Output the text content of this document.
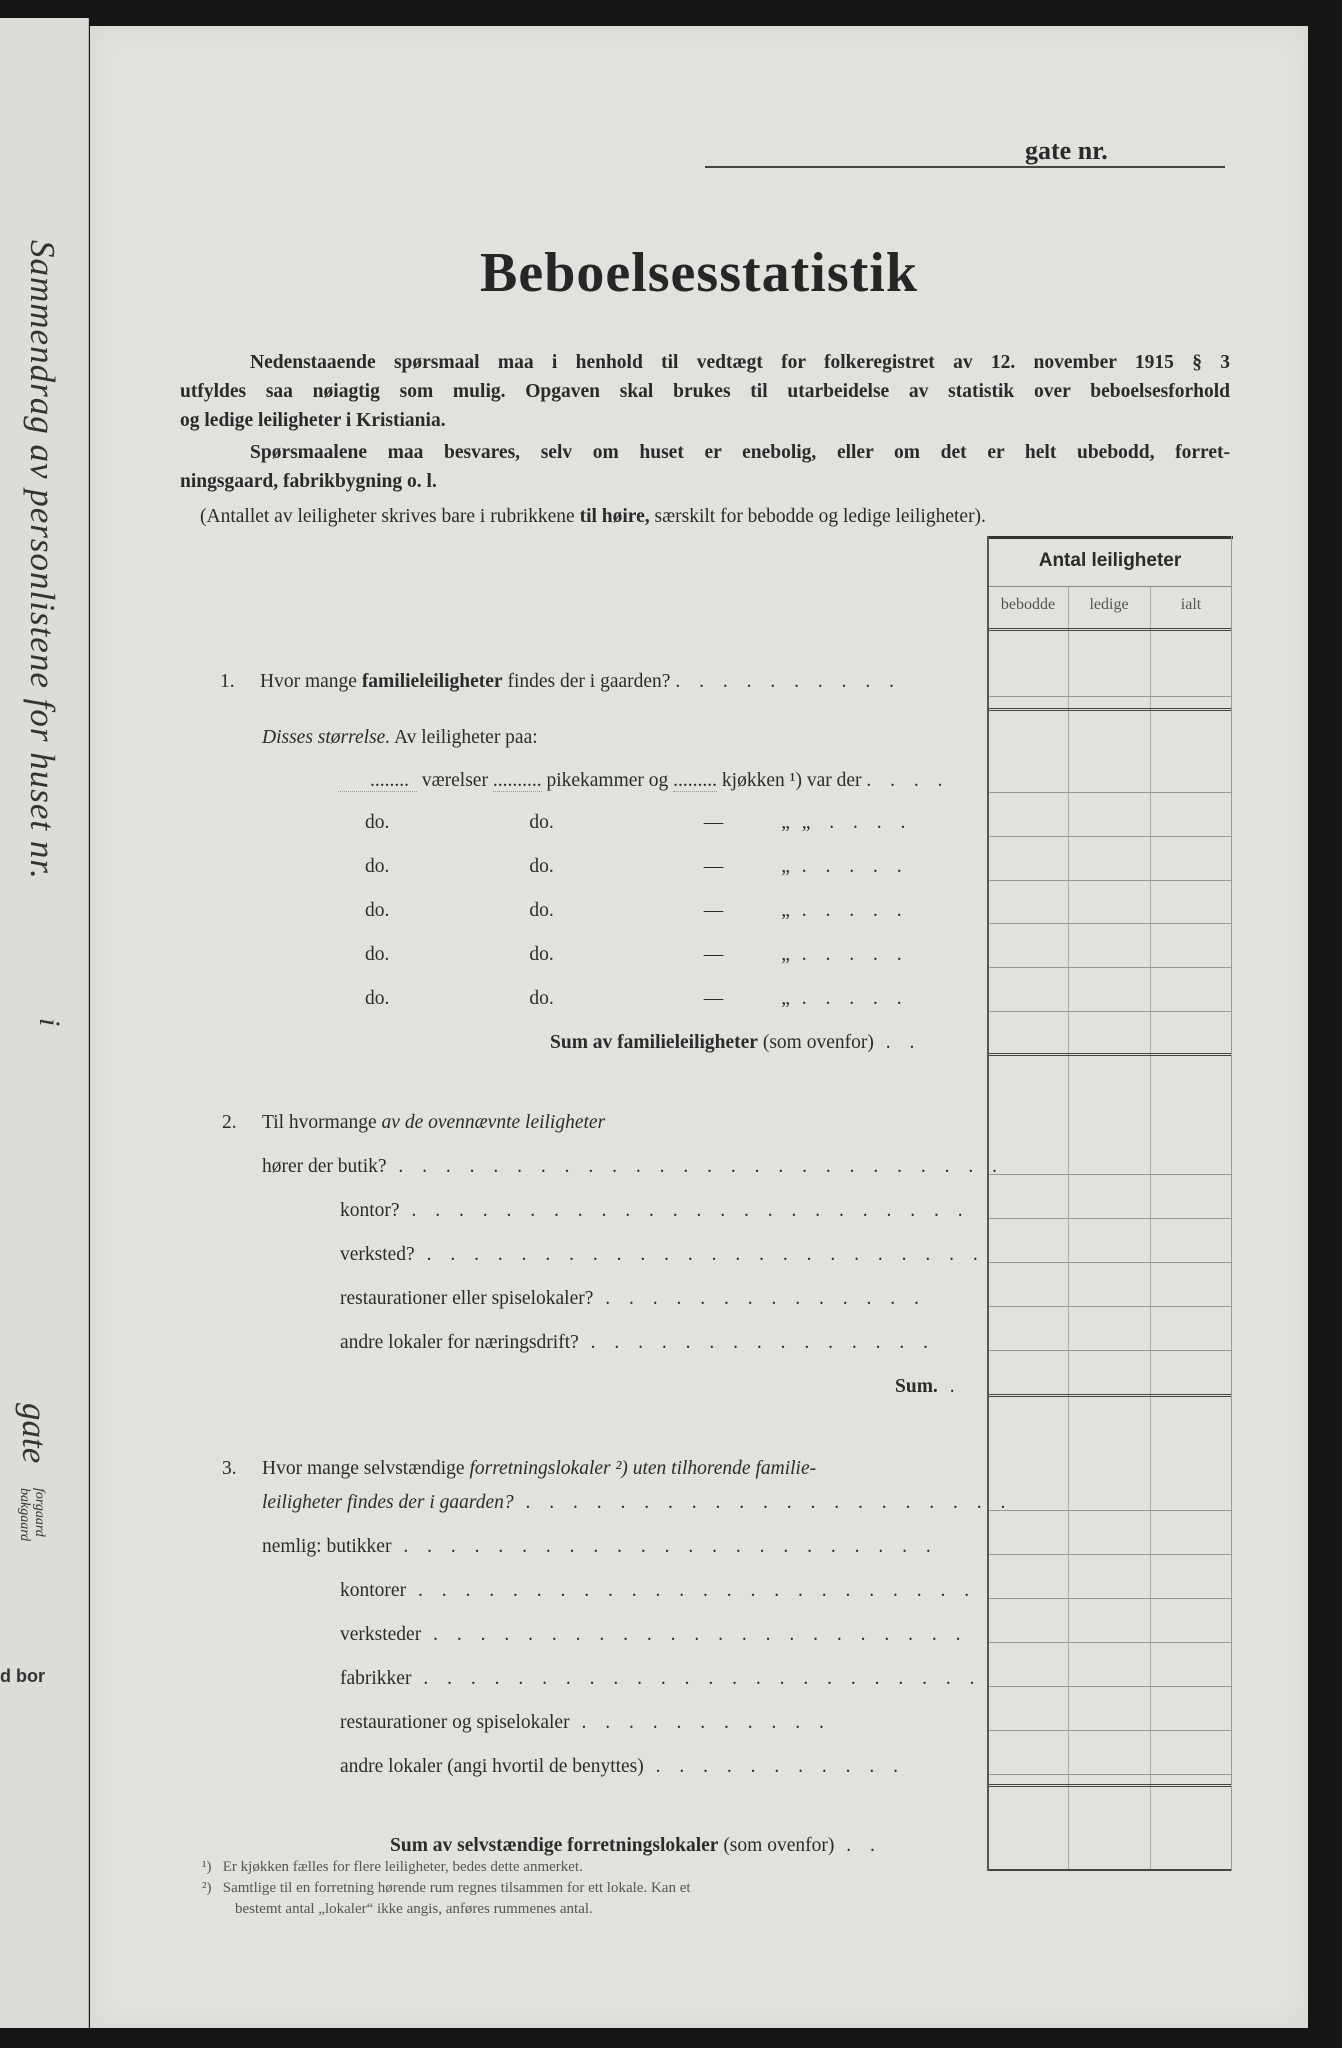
Sammendrag av personlistene for huset nr.
i
gate
forgaard
bakgaard
d bor
gate nr.
Beboelsesstatistik
Nedenstaaende spørsmaal maa i henhold til vedtægt for folkeregistret av 12. november 1915 § 3
utfyldes saa nøiagtig som mulig. Opgaven skal brukes til utarbeidelse av statistik over beboelsesforhold
og ledige leiligheter i Kristiania.
Spørsmaalene maa besvares, selv om huset er enebolig, eller om det er helt ubebodd, forret-
ningsgaard, fabrikbygning o. l.
(Antallet av leiligheter skrives bare i rubrikkene til høire, særskilt for bebodde og ledige leiligheter).
Antal leiligheter
bebodde	ledige	ialt
1. Hvor mange familieleiligheter findes der i gaarden? . . . . . . . . . .
Disses størrelse. Av leiligheter paa:
........ værelser .......... pikekammer og ......... kjøkken ¹) var der . . . .
do.	do.	—	„ „ . . . .
do.	do.	—	„ . . . . .
do.	do.	—	„ . . . . .
do.	do.	—	„ . . . . .
do.	do.	—	„ . . . . .
Sum av familieleiligheter (som ovenfor) . .
2. Til hvormange av de ovennævnte leiligheter
hører der butik? . . . . . . . . . . . . . . . . . . . . . . . . . .
kontor? . . . . . . . . . . . . . . . . . . . . . . . .
verksted? . . . . . . . . . . . . . . . . . . . . . . . .
restaurationer eller spiselokaler? . . . . . . . . . . . . . .
andre lokaler for næringsdrift? . . . . . . . . . . . . . . .
Sum. .
3. Hvor mange selvstændige forretningslokaler ²) uten tilhorende familie-
leiligheter findes der i gaarden? . . . . . . . . . . . . . . . . . . . . .
nemlig: butikker . . . . . . . . . . . . . . . . . . . . . . .
kontorer . . . . . . . . . . . . . . . . . . . . . . . .
verksteder . . . . . . . . . . . . . . . . . . . . . . .
fabrikker . . . . . . . . . . . . . . . . . . . . . . . .
restaurationer og spiselokaler . . . . . . . . . . .
andre lokaler (angi hvortil de benyttes) . . . . . . . . . . .
Sum av selvstændige forretningslokaler (som ovenfor) . .
¹) Er kjøkken fælles for flere leiligheter, bedes dette anmerket.
²) Samtlige til en forretning hørende rum regnes tilsammen for ett lokale. Kan et
bestemt antal „lokaler“ ikke angis, anføres rummenes antal.
